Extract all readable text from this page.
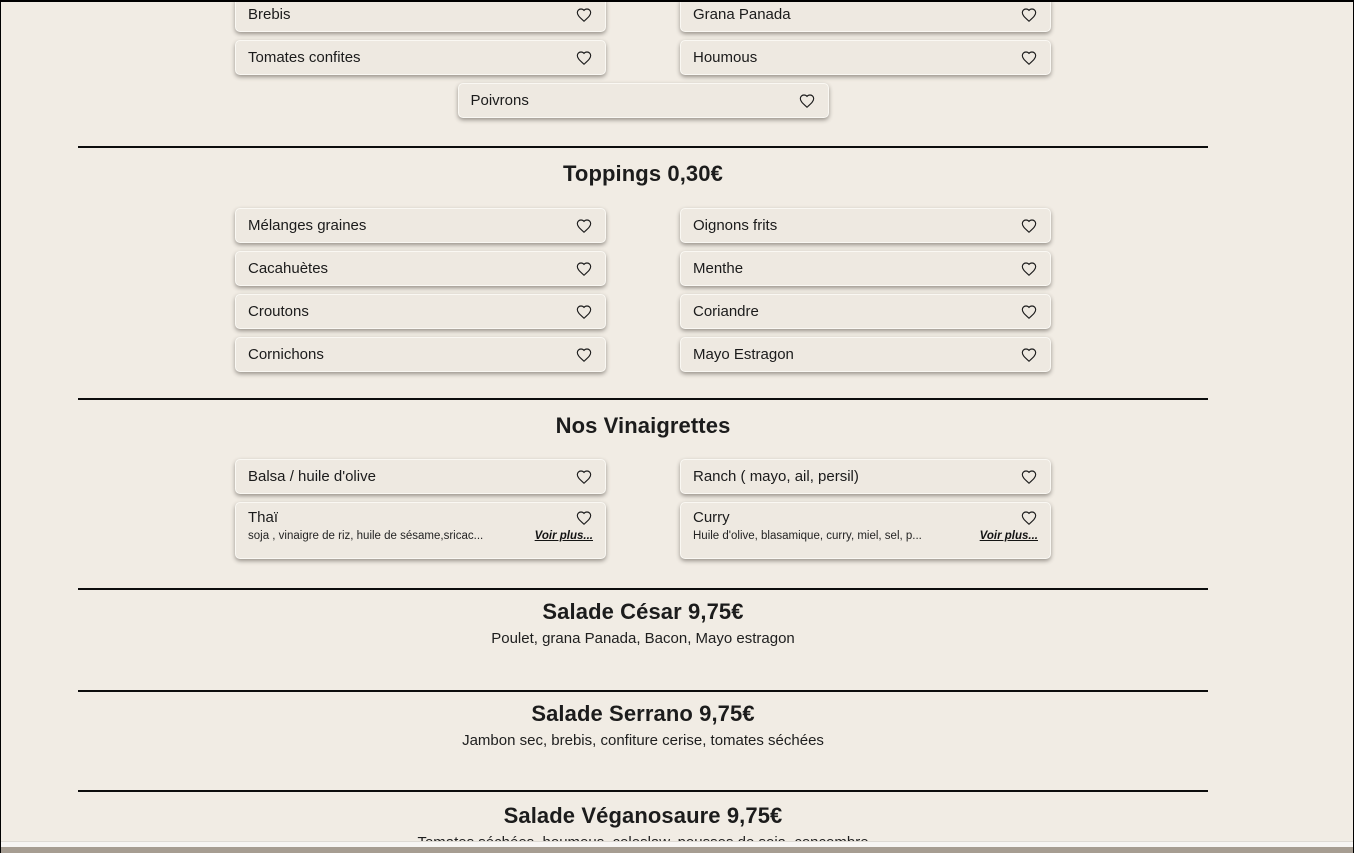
Brebis	Grana Panada
Tomates confites	Houmous
Poivrons
Toppings 0,30€
Mélanges graines	Oignons frits
Cacahuètes	Menthe
Croutons	Coriandre
Cornichons	Mayo Estragon
Nos Vinaigrettes
Balsa / huile d'olive	Ranch ( mayo, ail, persil)
Thaï
soja , vinaigre de riz, huile de sésame,sricac...	Voir plus...
Curry
Huile d'olive, blasamique, curry, miel, sel, p...	Voir plus...
Salade César 9,75€

Poulet, grana Panada, Bacon, Mayo estragon

Salade Serrano 9,75€

Jambon sec, brebis, confiture cerise, tomates séchées

Salade Véganosaure 9,75€
